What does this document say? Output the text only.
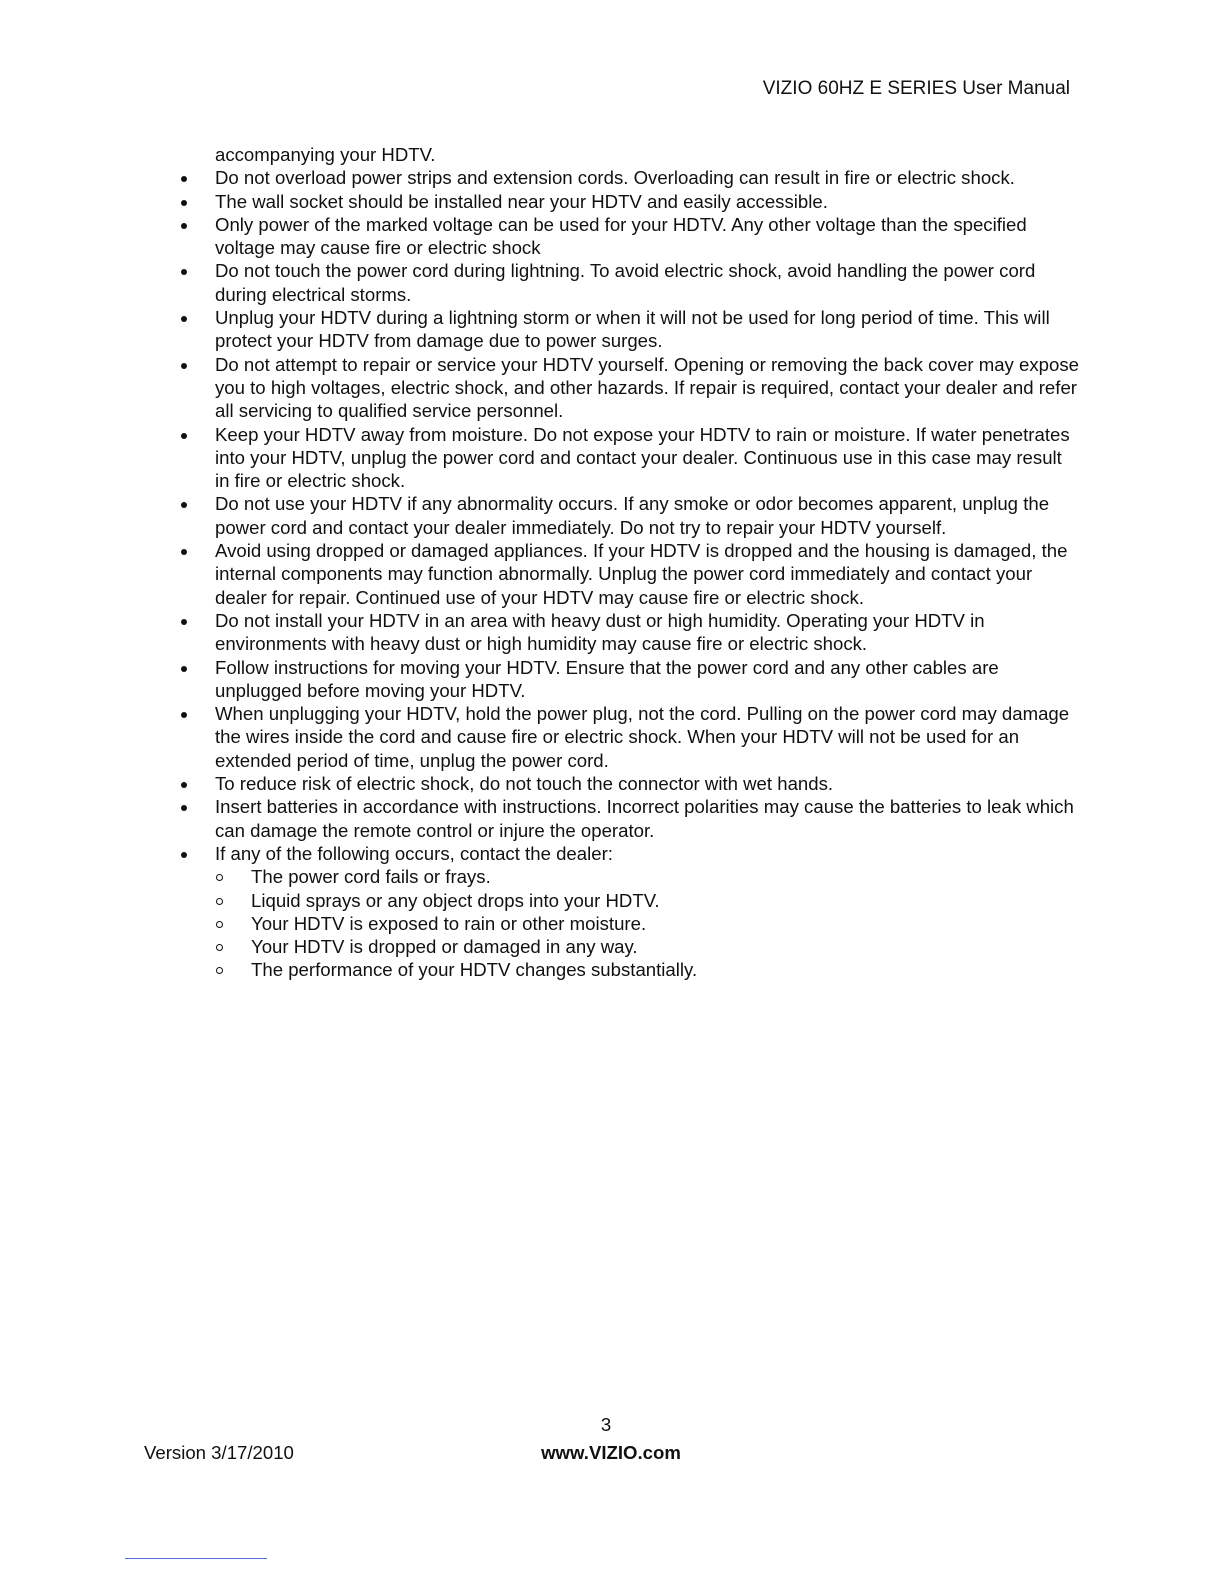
VIZIO 60HZ E SERIES User Manual
accompanying your HDTV.
Do not overload power strips and extension cords. Overloading can result in fire or electric shock.
The wall socket should be installed near your HDTV and easily accessible.
Only power of the marked voltage can be used for your HDTV. Any other voltage than the specified voltage may cause fire or electric shock
Do not touch the power cord during lightning. To avoid electric shock, avoid handling the power cord during electrical storms.
Unplug your HDTV during a lightning storm or when it will not be used for long period of time. This will protect your HDTV from damage due to power surges.
Do not attempt to repair or service your HDTV yourself. Opening or removing the back cover may expose you to high voltages, electric shock, and other hazards. If repair is required, contact your dealer and refer all servicing to qualified service personnel.
Keep your HDTV away from moisture. Do not expose your HDTV to rain or moisture. If water penetrates into your HDTV, unplug the power cord and contact your dealer. Continuous use in this case may result in fire or electric shock.
Do not use your HDTV if any abnormality occurs. If any smoke or odor becomes apparent, unplug the power cord and contact your dealer immediately. Do not try to repair your HDTV yourself.
Avoid using dropped or damaged appliances. If your HDTV is dropped and the housing is damaged, the internal components may function abnormally. Unplug the power cord immediately and contact your dealer for repair. Continued use of your HDTV may cause fire or electric shock.
Do not install your HDTV in an area with heavy dust or high humidity. Operating your HDTV in environments with heavy dust or high humidity may cause fire or electric shock.
Follow instructions for moving your HDTV. Ensure that the power cord and any other cables are unplugged before moving your HDTV.
When unplugging your HDTV, hold the power plug, not the cord. Pulling on the power cord may damage the wires inside the cord and cause fire or electric shock. When your HDTV will not be used for an extended period of time, unplug the power cord.
To reduce risk of electric shock, do not touch the connector with wet hands.
Insert batteries in accordance with instructions. Incorrect polarities may cause the batteries to leak which can damage the remote control or injure the operator.
If any of the following occurs, contact the dealer:
The power cord fails or frays.
Liquid sprays or any object drops into your HDTV.
Your HDTV is exposed to rain or other moisture.
Your HDTV is dropped or damaged in any way.
The performance of your HDTV changes substantially.
3
Version 3/17/2010	www.VIZIO.com
